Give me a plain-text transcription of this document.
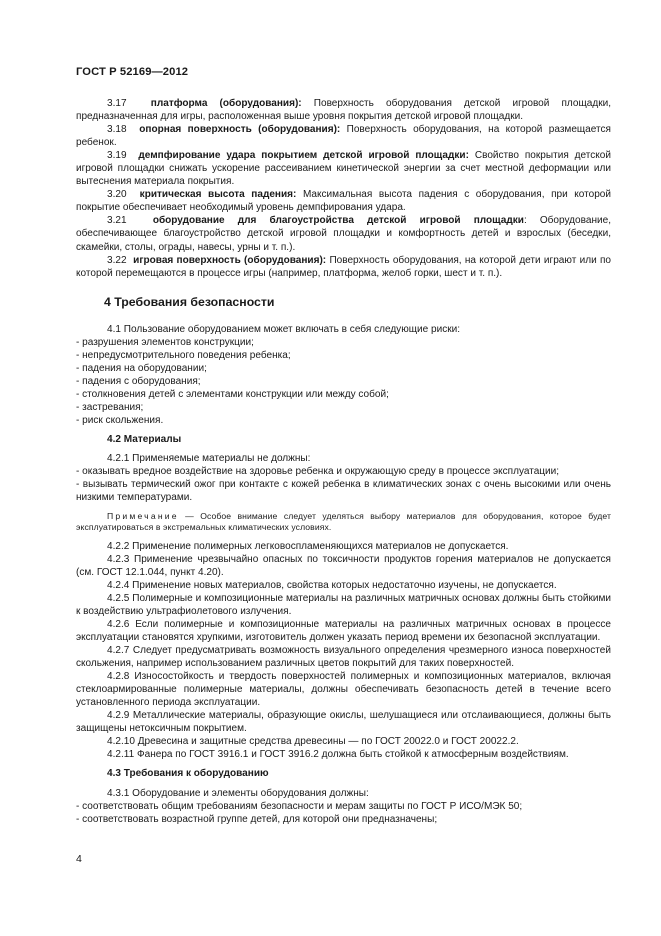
ГОСТ Р 52169—2012

3.17 платформа (оборудования): Поверхность оборудования детской игровой площадки, предназначенная для игры, расположенная выше уровня покрытия детской игровой площадки.

3.18 опорная поверхность (оборудования): Поверхность оборудования, на которой размещается ребенок.

3.19 демпфирование удара покрытием детской игровой площадки: Свойство покрытия детской игровой площадки снижать ускорение рассеиванием кинетической энергии за счет местной деформации или вытеснения материала покрытия.

3.20 критическая высота падения: Максимальная высота падения с оборудования, при которой покрытие обеспечивает необходимый уровень демпфирования удара.

3.21	оборудование для благоустройства детской игровой площадки: Оборудование, обеспечивающее благоустройство детской игровой площадки и комфортность детей и взрослых (беседки, скамейки, столы, ограды, навесы, урны и т. п.).

3.22 игровая поверхность (оборудования): Поверхность оборудования, на которой дети играют или по которой перемещаются в процессе игры (например, платформа, желоб горки, шест и т. п.).

4 Требования безопасности

4.1 Пользование оборудованием может включать в себя следующие риски:

- разрушения элементов конструкции;

- непредусмотрительного поведения ребенка;

- падения на оборудовании;

- падения с оборудования;

- столкновения детей с элементами конструкции или между собой;

- застревания;

- риск скольжения.

4.2 Материалы

4.2.1 Применяемые материалы не должны:

- оказывать вредное воздействие на здоровье ребенка и окружающую среду в процессе эксплуатации;

- вызывать термический ожог при контакте с кожей ребенка в климатических зонах с очень высокими или очень низкими температурами.

Примечание — Особое внимание следует уделяться выбору материалов для оборудования, которое будет эксплуатироваться в экстремальных климатических условиях.

4.2.2 Применение полимерных легковоспламеняющихся материалов не допускается.

4.2.3 Применение чрезвычайно опасных по токсичности продуктов горения материалов не допускается (см. ГОСТ 12.1.044, пункт 4.20).

4.2.4 Применение новых материалов, свойства которых недостаточно изучены, не допускается.

4.2.5 Полимерные и композиционные материалы на различных матричных основах должны быть стойкими к воздействию ультрафиолетового излучения.

4.2.6 Если полимерные и композиционные материалы на различных матричных основах в процессе эксплуатации становятся хрупкими, изготовитель должен указать период времени их безопасной эксплуатации.

4.2.7 Следует предусматривать возможность визуального определения чрезмерного износа поверхностей скольжения, например использованием различных цветов покрытий для таких поверхностей.

4.2.8 Износостойкость и твердость поверхностей полимерных и композиционных материалов, включая стеклоармированные полимерные материалы, должны обеспечивать безопасность детей в течение всего установленного периода эксплуатации.

4.2.9 Металлические материалы, образующие окислы, шелушащиеся или отслаивающиеся, должны быть защищены нетоксичным покрытием.

4.2.10 Древесина и защитные средства древесины — по ГОСТ 20022.0 и ГОСТ 20022.2.

4.2.11 Фанера по ГОСТ 3916.1 и ГОСТ 3916.2 должна быть стойкой к атмосферным воздействиям.

4.3 Требования к оборудованию

4.3.1 Оборудование и элементы оборудования должны:

- соответствовать общим требованиям безопасности и мерам защиты по ГОСТ Р ИСО/МЭК 50;

- соответствовать возрастной группе детей, для которой они предназначены;

4
